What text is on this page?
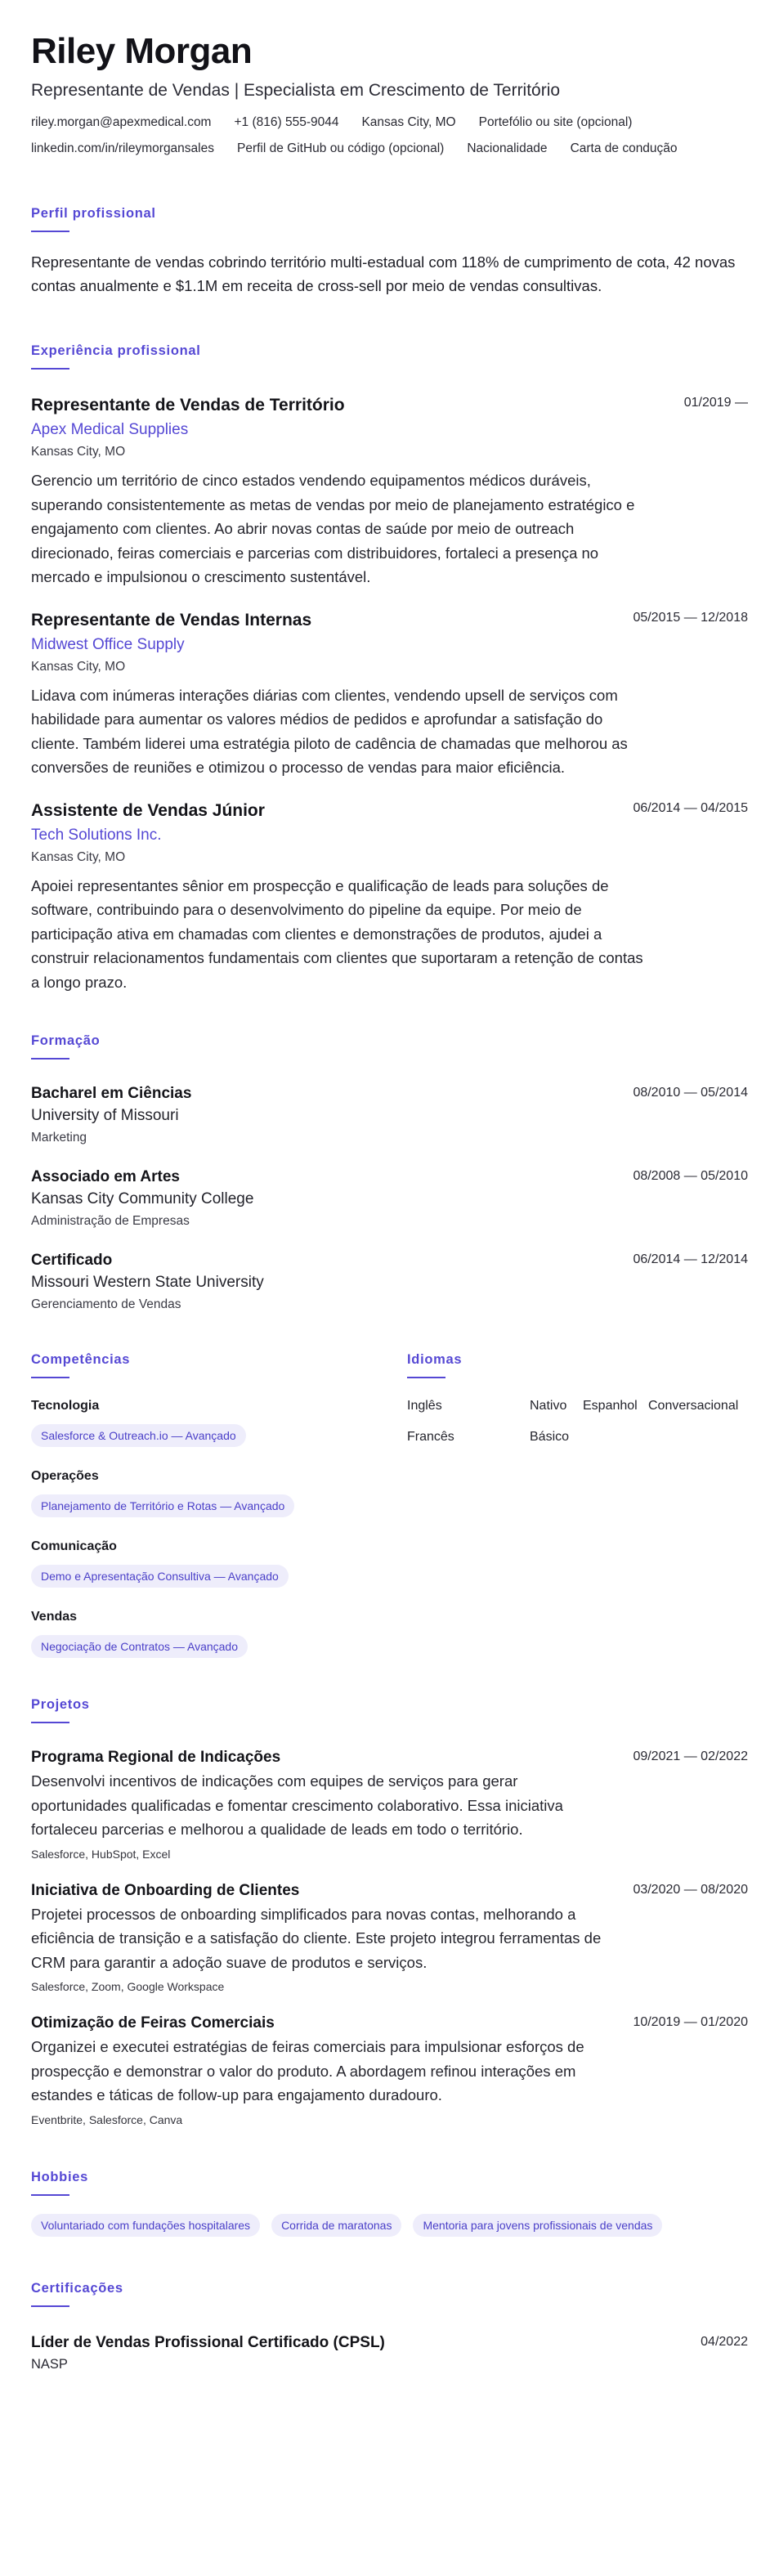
Riley Morgan
Representante de Vendas | Especialista em Crescimento de Território
riley.morgan@apexmedical.com +1 (816) 555-9044 Kansas City, MO Portefólio ou site (opcional)
linkedin.com/in/rileymorgansales Perfil de GitHub ou código (opcional) Nacionalidade Carta de condução
Perfil profissional

Representante de vendas cobrindo território multi-estadual com 118% de cumprimento de cota, 42 novas contas anualmente e $1.1M em receita de cross-sell por meio de vendas consultivas.

Experiência profissional
01/2019 —
Representante de Vendas de Território
Apex Medical Supplies
Kansas City, MO

Gerencio um território de cinco estados vendendo equipamentos médicos duráveis, superando consistentemente as metas de vendas por meio de planejamento estratégico e engajamento com clientes. Ao abrir novas contas de saúde por meio de outreach direcionado, feiras comerciais e parcerias com distribuidores, fortaleci a presença no mercado e impulsionou o crescimento sustentável.

05/2015 — 12/2018
Representante de Vendas Internas
Midwest Office Supply
Kansas City, MO

Lidava com inúmeras interações diárias com clientes, vendendo upsell de serviços com habilidade para aumentar os valores médios de pedidos e aprofundar a satisfação do cliente. Também liderei uma estratégia piloto de cadência de chamadas que melhorou as conversões de reuniões e otimizou o processo de vendas para maior eficiência.

06/2014 — 04/2015
Assistente de Vendas Júnior
Tech Solutions Inc.
Kansas City, MO

Apoiei representantes sênior em prospecção e qualificação de leads para soluções de software, contribuindo para o desenvolvimento do pipeline da equipe. Por meio de participação ativa em chamadas com clientes e demonstrações de produtos, ajudei a construir relacionamentos fundamentais com clientes que suportaram a retenção de contas a longo prazo.

Formação
08/2010 — 05/2014
Bacharel em Ciências
University of Missouri
Marketing
08/2008 — 05/2010
Associado em Artes
Kansas City Community College
Administração de Empresas
06/2014 — 12/2014
Certificado
Missouri Western State University
Gerenciamento de Vendas
Competências
Tecnologia
Salesforce & Outreach.io — Avançado
Operações
Planejamento de Território e Rotas — Avançado
Comunicação
Demo e Apresentação Consultiva — Avançado
Vendas
Negociação de Contratos — Avançado
Idiomas
Inglês	Nativo	Espanhol Conversacional
Francês	Básico
Projetos
09/2021 — 02/2022
Programa Regional de Indicações

Desenvolvi incentivos de indicações com equipes de serviços para gerar oportunidades qualificadas e fomentar crescimento colaborativo. Essa iniciativa fortaleceu parcerias e melhorou a qualidade de leads em todo o território.

Salesforce, HubSpot, Excel
03/2020 — 08/2020
Iniciativa de Onboarding de Clientes

Projetei processos de onboarding simplificados para novas contas, melhorando a eficiência de transição e a satisfação do cliente. Este projeto integrou ferramentas de CRM para garantir a adoção suave de produtos e serviços.

Salesforce, Zoom, Google Workspace
10/2019 — 01/2020
Otimização de Feiras Comerciais

Organizei e executei estratégias de feiras comerciais para impulsionar esforços de prospecção e demonstrar o valor do produto. A abordagem refinou interações em estandes e táticas de follow-up para engajamento duradouro.

Eventbrite, Salesforce, Canva
Hobbies
Voluntariado com fundações hospitalares	Corrida de maratonas	Mentoria para jovens profissionais de vendas
Certificações
04/2022
Líder de Vendas Profissional Certificado (CPSL)
NASP
